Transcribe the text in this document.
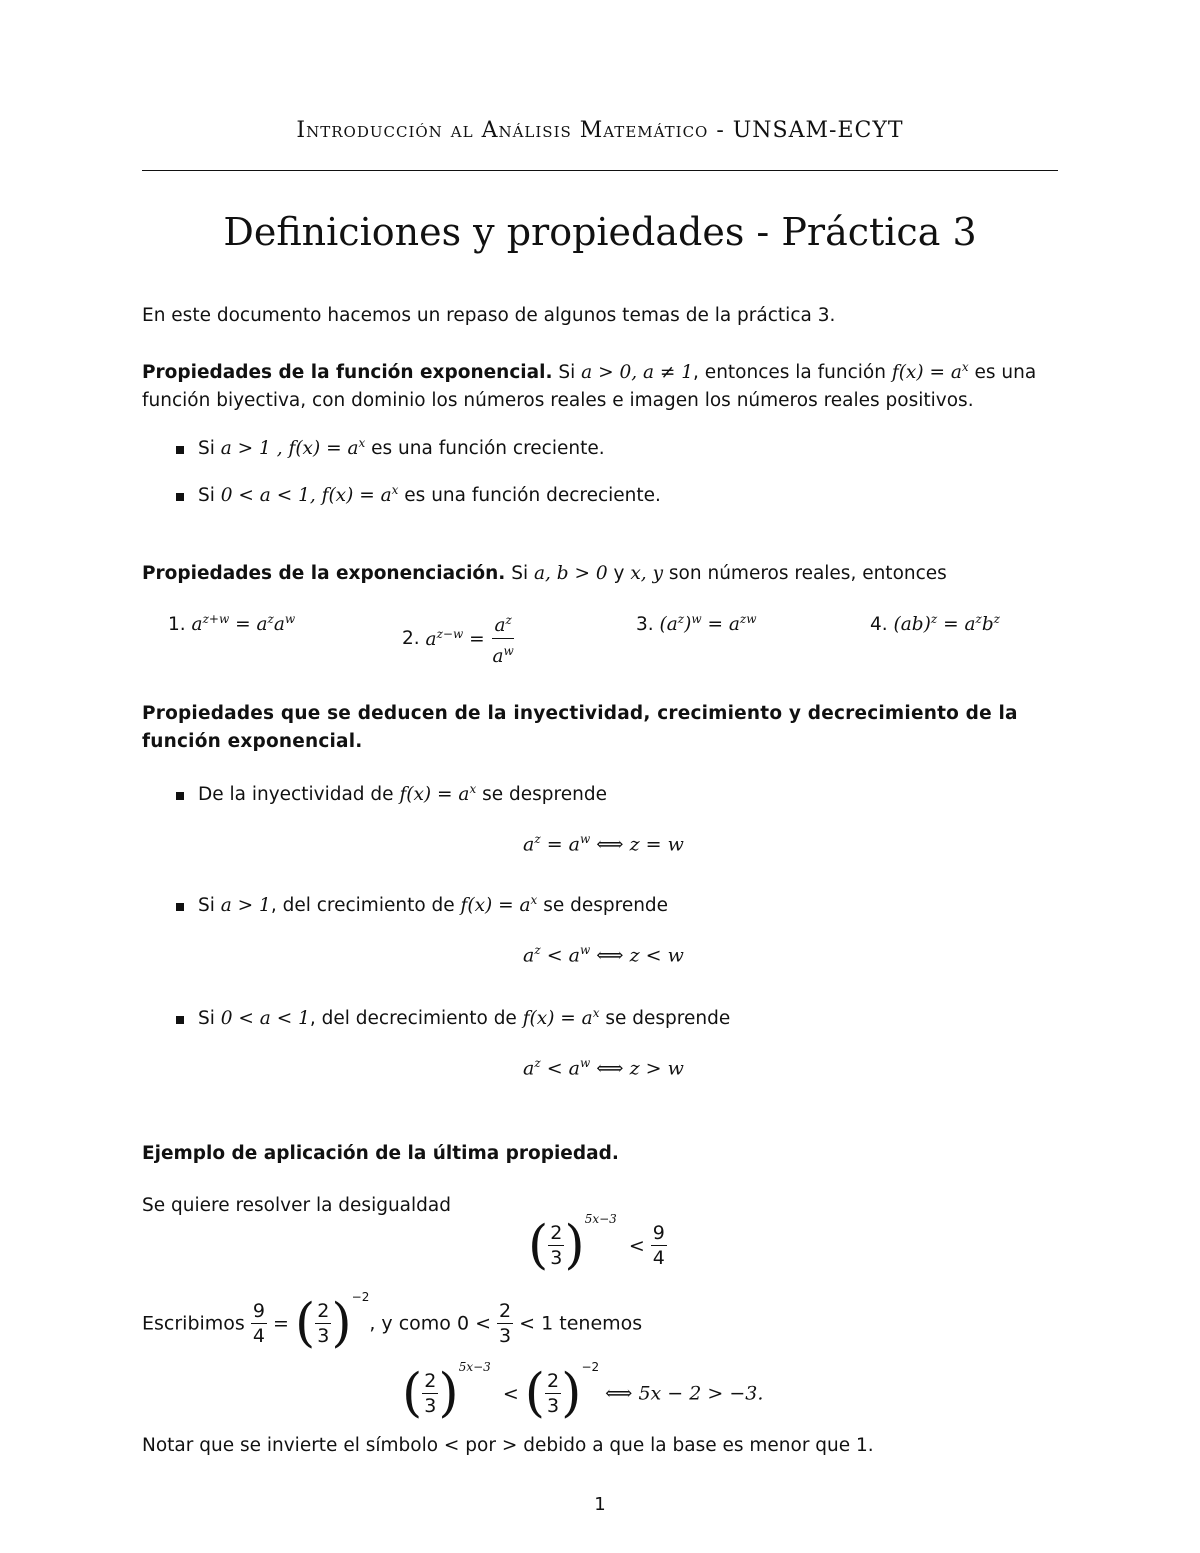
Introducción al Análisis Matemático - UNSAM-ECYT
Definiciones y propiedades - Práctica 3
En este documento hacemos un repaso de algunos temas de la práctica 3.
Propiedades de la función exponencial. Si a > 0, a ≠ 1, entonces la función $f(x) = a^x$ es una función biyectiva, con dominio los números reales e imagen los números reales positivos.
Si a > 1 , $f(x) = a^x$ es una función creciente.
Si 0 < a < 1, $f(x) = a^x$ es una función decreciente.
Propiedades de la exponenciación. Si a, b > 0 y x, y son números reales, entonces
1. $a^{z+w} = a^za^w$
2. $a^{z-w} = \frac{a^z}{a^w}$	3. $(a^z)^w = a^{zw}$	4. $(ab)^z = a^zb^z$
Propiedades que se deducen de la inyectividad, crecimiento y decrecimiento de la función exponencial.
De la inyectividad de $f(x) = a^x$ se desprende
$a^z = a^w$ ⟺ z = w
Si a > 1, del crecimiento de $f(x) = a^x$ se desprende
$a^z < a^w$ ⟺ z < w
Si 0 < a < 1, del decrecimiento de $f(x) = a^x$ se desprende
$a^z < a^w$ ⟺ z > w
Ejemplo de aplicación de la última propiedad.
Se quiere resolver la desigualdad
( $\frac{2}{3} )^{5x-3} < \frac{9}{4}$
Escribimos $\frac{9}{4}$ = ( $\frac{2}{3} )^{-2}$, y como $0 < \frac{2}{3} < 1$ tenemos
( $\frac{2}{3} )^{5x-3}$ < ( $\frac{2}{3} )^{-2}$ ⟺ 5x − 2 > −3.
Notar que se invierte el símbolo < por > debido a que la base es menor que 1.
1
